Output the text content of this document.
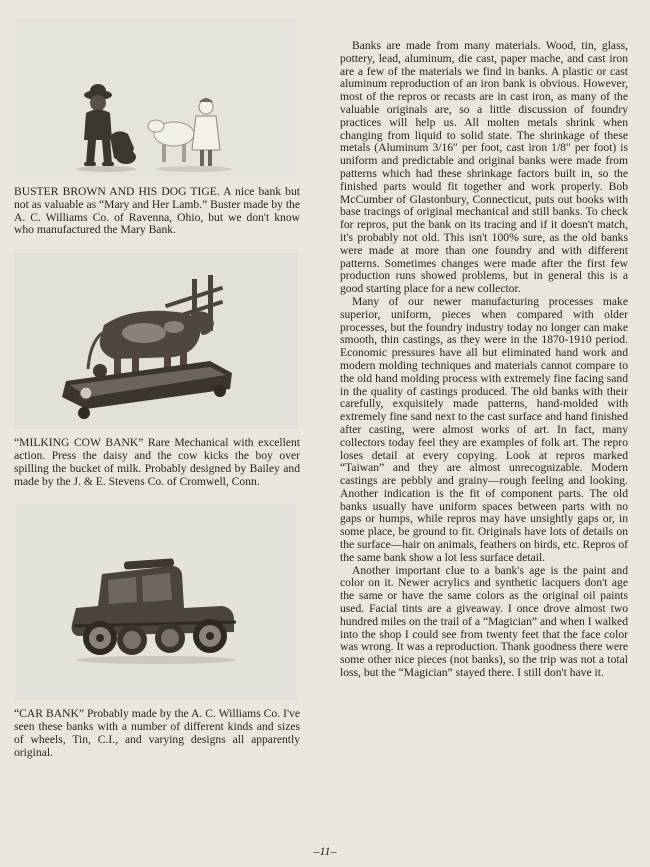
BUSTER BROWN AND HIS DOG TIGE. A nice bank but not as valuable as “Mary and Her Lamb.” Buster made by the A. C. Williams Co. of Ravenna, Ohio, but we don't know who manufactured the Mary Bank.
“MILKING COW BANK” Rare Mechanical with excellent action. Press the daisy and the cow kicks the boy over spilling the bucket of milk. Probably designed by Bailey and made by the J. & E. Stevens Co. of Cromwell, Conn.
“CAR BANK” Probably made by the A. C. Williams Co. I've seen these banks with a number of different kinds and sizes of wheels, Tin, C.I., and varying designs all apparently original.

Banks are made from many materials. Wood, tin, glass, pottery, lead, aluminum, die cast, paper mache, and cast iron are a few of the materials we find in banks. A plastic or cast aluminum reproduction of an iron bank is obvious. However, most of the repros or recasts are in cast iron, as many of the valuable originals are, so a little discussion of foundry practices will help us. All molten metals shrink when changing from liquid to solid state. The shrinkage of these metals (Aluminum 3/16″ per foot, cast iron 1/8″ per foot) is uniform and predictable and original banks were made from patterns which had these shrinkage factors built in, so the finished parts would fit together and work properly. Bob McCumber of Glastonbury, Connecticut, puts out books with base tracings of original mechanical and still banks. To check for repros, put the bank on its tracing and if it doesn't match, it's probably not old. This isn't 100% sure, as the old banks were made at more than one foundry and with different patterns. Sometimes changes were made after the first few production runs showed problems, but in general this is a good starting place for a new collector.

Many of our newer manufacturing processes make superior, uniform, pieces when compared with older processes, but the foundry industry today no longer can make smooth, thin castings, as they were in the 1870-1910 period. Economic pressures have all but eliminated hand work and modern molding techniques and materials cannot compare to the old hand molding process with extremely fine facing sand in the quality of castings produced. The old banks with their carefully, exquisitely made patterns, hand-molded with extremely fine sand next to the cast surface and hand finished after casting, were almost works of art. In fact, many collectors today feel they are examples of folk art. The repro loses detail at every copying. Look at repros marked “Taiwan” and they are almost unrecognizable. Modern castings are pebbly and grainy—rough feeling and looking. Another indication is the fit of component parts. The old banks usually have uniform spaces between parts with no gaps or humps, while repros may have unsightly gaps or, in some place, be ground to fit. Originals have lots of details on the surface—hair on animals, feathers on birds, etc. Repros of the same bank show a lot less surface detail.

Another important clue to a bank's age is the paint and color on it. Newer acrylics and synthetic lacquers don't age the same or have the same colors as the original oil paints used. Facial tints are a giveaway. I once drove almost two hundred miles on the trail of a “Magician” and when I walked into the shop I could see from twenty feet that the face color was wrong. It was a reproduction. Thank goodness there were some other nice pieces (not banks), so the trip was not a total loss, but the “Magician” stayed there. I still don't have it.

–11–
